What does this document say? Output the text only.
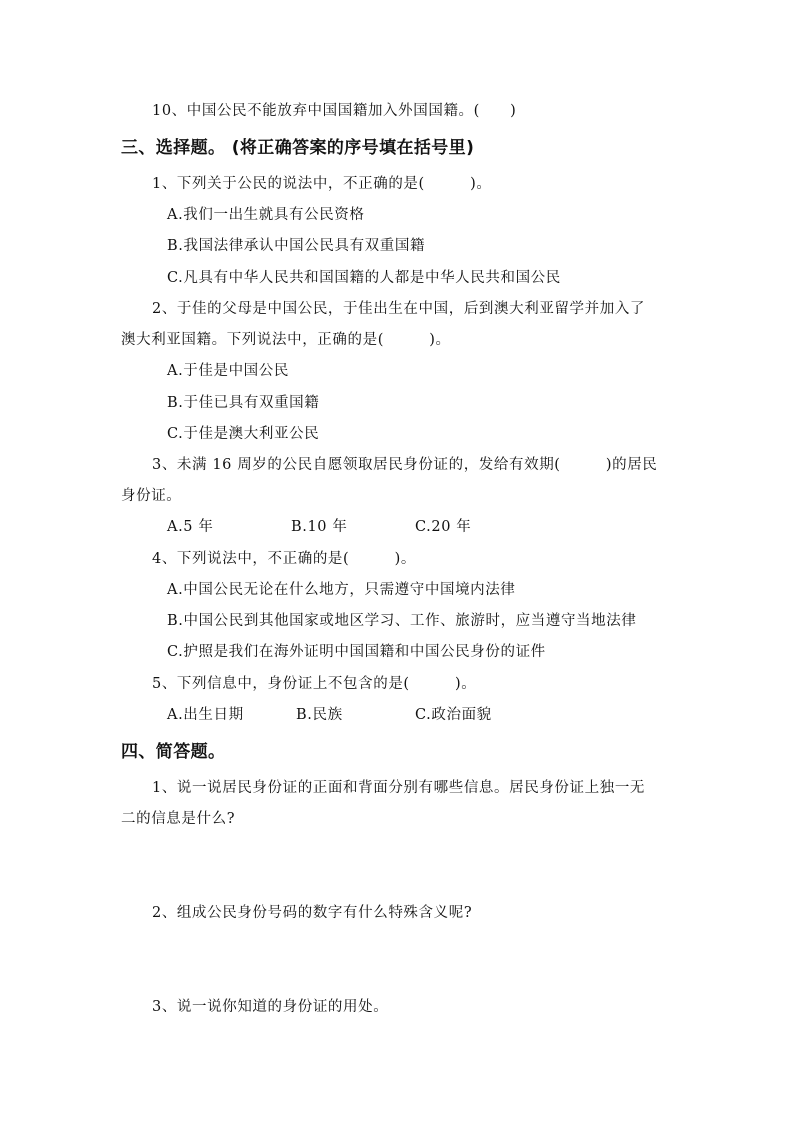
10、中国公民不能放弃中国国籍加入外国国籍。(　　)
三、选择题。 (将正确答案的序号填在括号里)
1、下列关于公民的说法中，不正确的是(　　　)。
A.我们一出生就具有公民资格
B.我国法律承认中国公民具有双重国籍
C.凡具有中华人民共和国国籍的人都是中华人民共和国公民
2、于佳的父母是中国公民，于佳出生在中国，后到澳大利亚留学并加入了
澳大利亚国籍。下列说法中，正确的是(　　　)。
A.于佳是中国公民
B.于佳已具有双重国籍
C.于佳是澳大利亚公民
3、未满 16 周岁的公民自愿领取居民身份证的，发给有效期(　　　)的居民
身份证。
A.5 年	B.10 年	C.20 年
4、下列说法中，不正确的是(　　　)。
A.中国公民无论在什么地方，只需遵守中国境内法律
B.中国公民到其他国家或地区学习、工作、旅游时，应当遵守当地法律
C.护照是我们在海外证明中国国籍和中国公民身份的证件
5、下列信息中，身份证上不包含的是(　　　)。
A.出生日期	B.民族	C.政治面貌
四、简答题。
1、说一说居民身份证的正面和背面分别有哪些信息。居民身份证上独一无
二的信息是什么?
2、组成公民身份号码的数字有什么特殊含义呢?
3、说一说你知道的身份证的用处。
